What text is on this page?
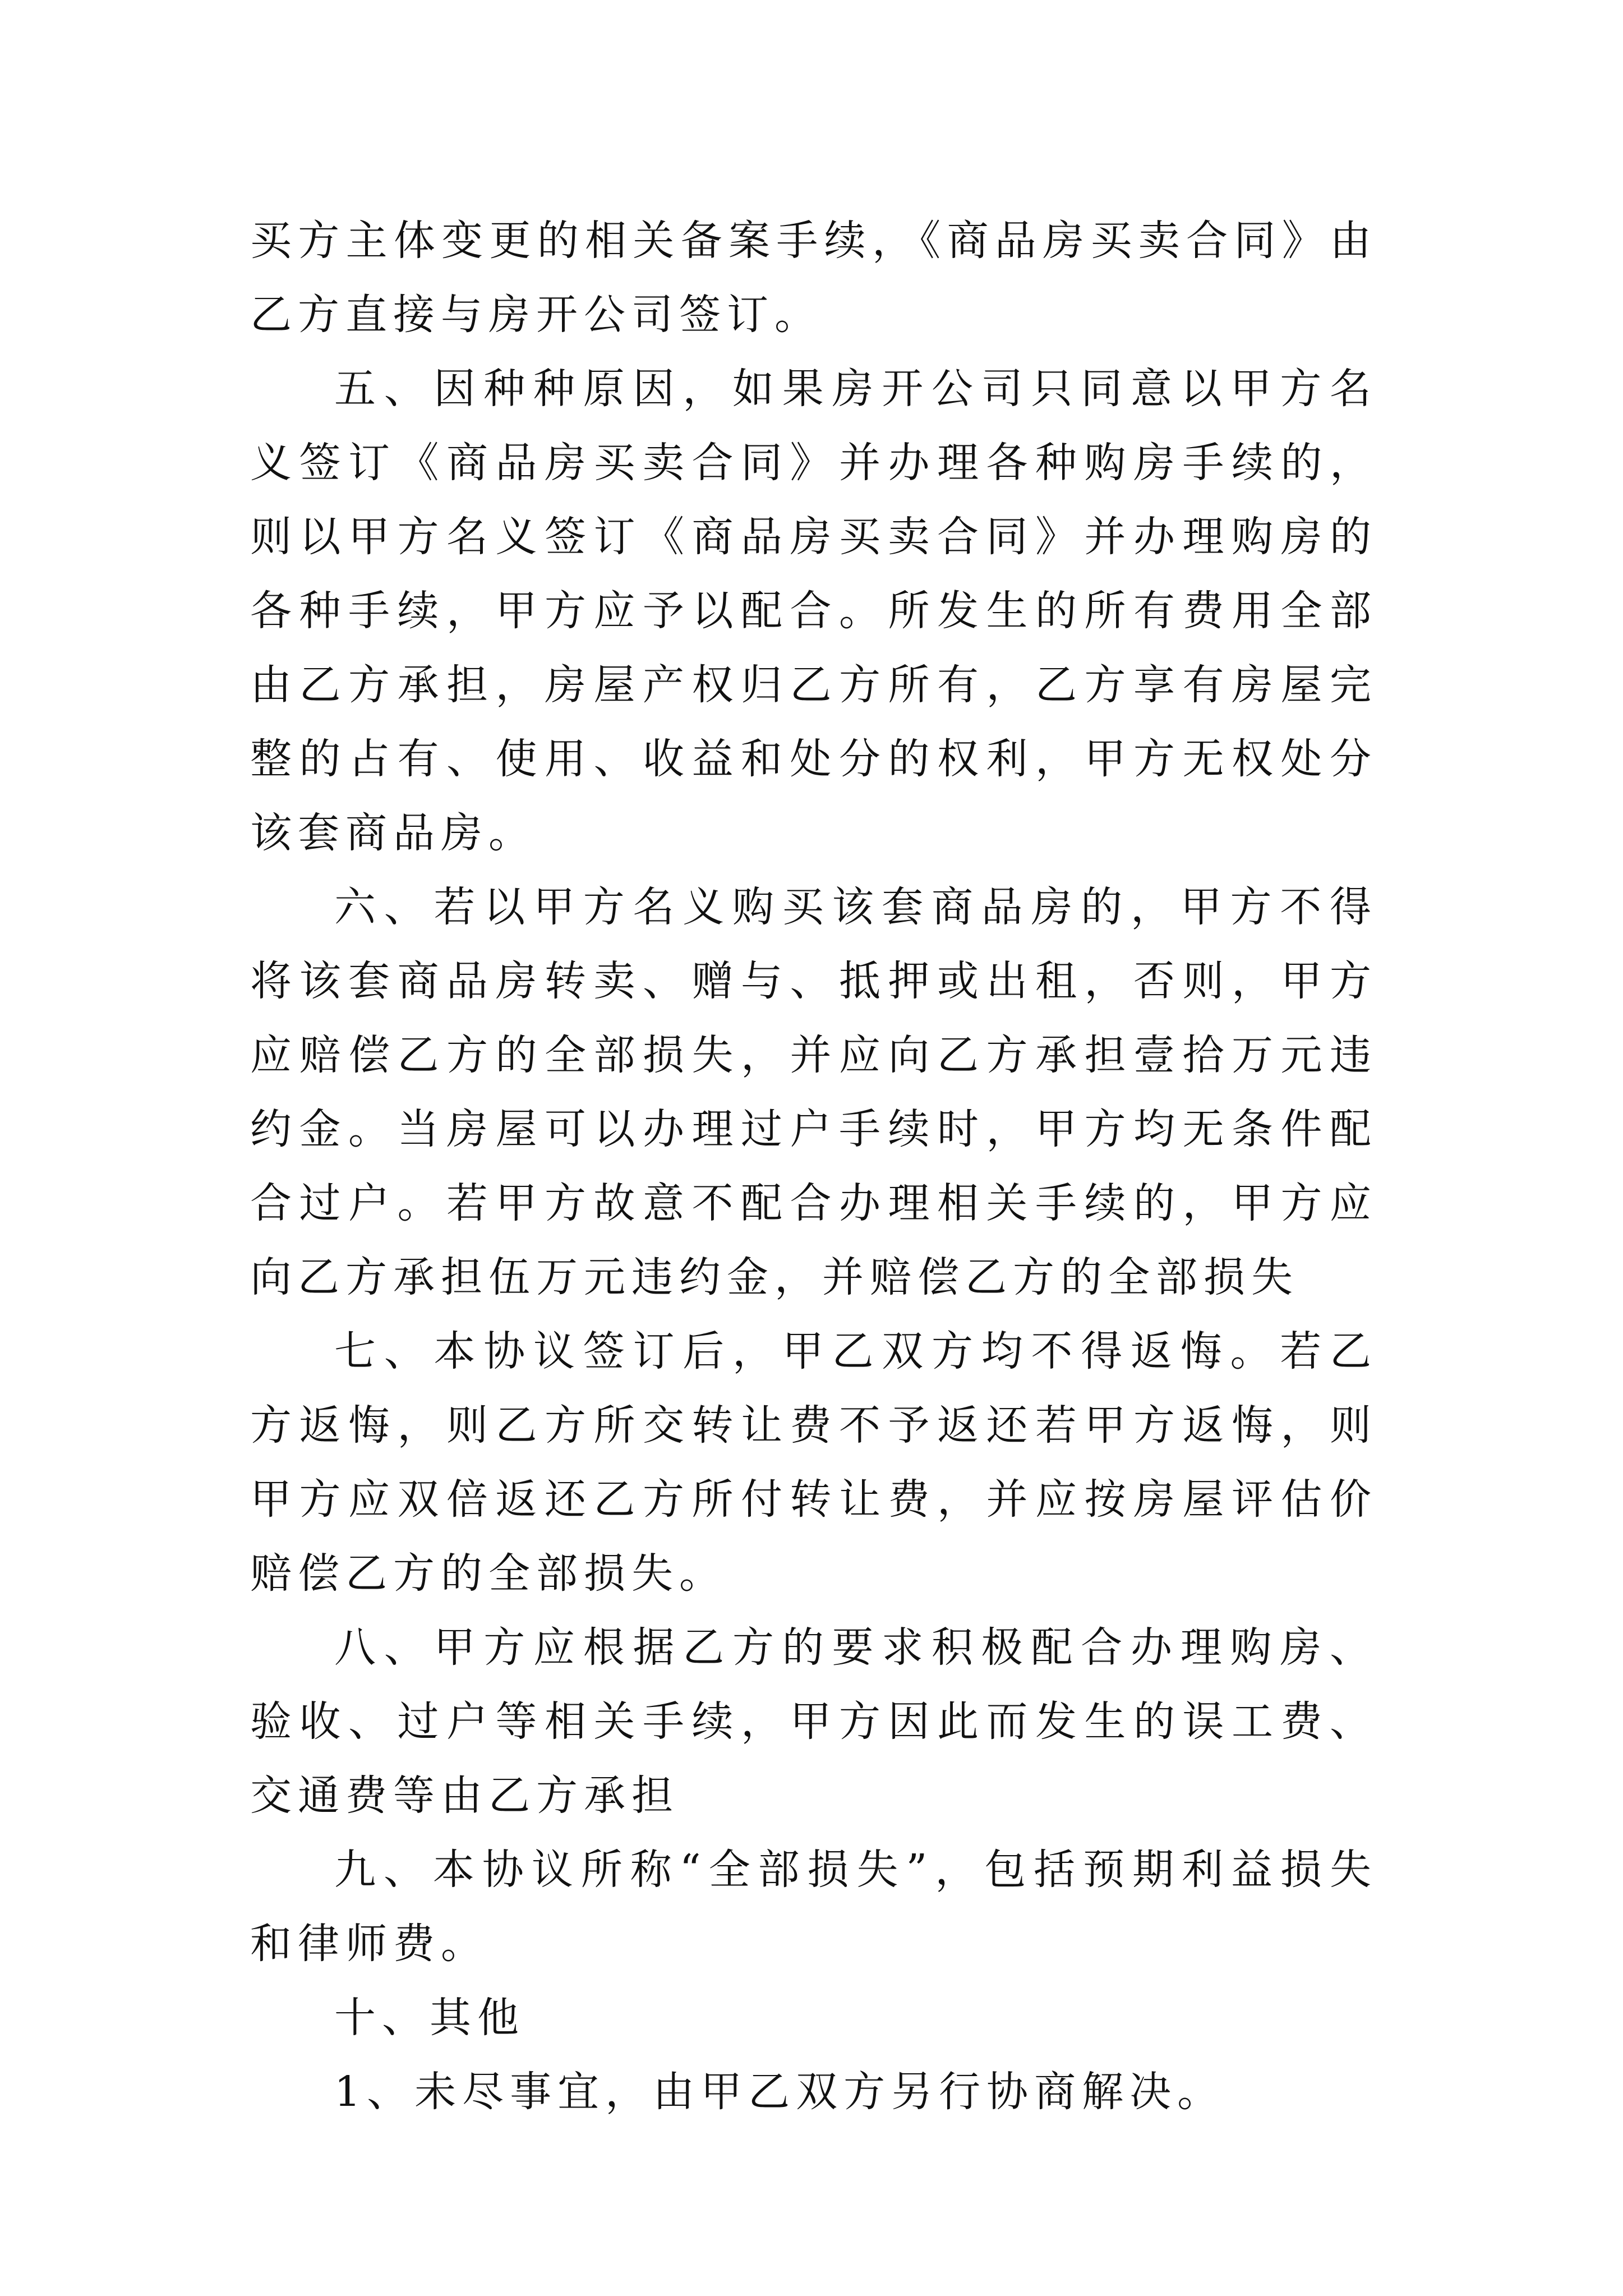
买方主体变更的相关备案手续，《商品房买卖合同》由乙方直接与房开公司签订。

五、因种种原因，如果房开公司只同意以甲方名义签订《商品房买卖合同》并办理各种购房手续的，则以甲方名义签订《商品房买卖合同》并办理购房的各种手续，甲方应予以配合。所发生的所有费用全部由乙方承担，房屋产权归乙方所有，乙方享有房屋完整的占有、使用、收益和处分的权利，甲方无权处分该套商品房。

六、若以甲方名义购买该套商品房的，甲方不得将该套商品房转卖、赠与、抵押或出租，否则，甲方应赔偿乙方的全部损失，并应向乙方承担壹拾万元违约金。当房屋可以办理过户手续时，甲方均无条件配合过户。若甲方故意不配合办理相关手续的，甲方应向乙方承担伍万元违约金，并赔偿乙方的全部损失

七、本协议签订后，甲乙双方均不得返悔。若乙方返悔，则乙方所交转让费不予返还若甲方返悔，则甲方应双倍返还乙方所付转让费，并应按房屋评估价赔偿乙方的全部损失。

八、甲方应根据乙方的要求积极配合办理购房、验收、过户等相关手续，甲方因此而发生的误工费、交通费等由乙方承担

九、本协议所称“全部损失”，包括预期利益损失和律师费。

十、其他

1、未尽事宜，由甲乙双方另行协商解决。
